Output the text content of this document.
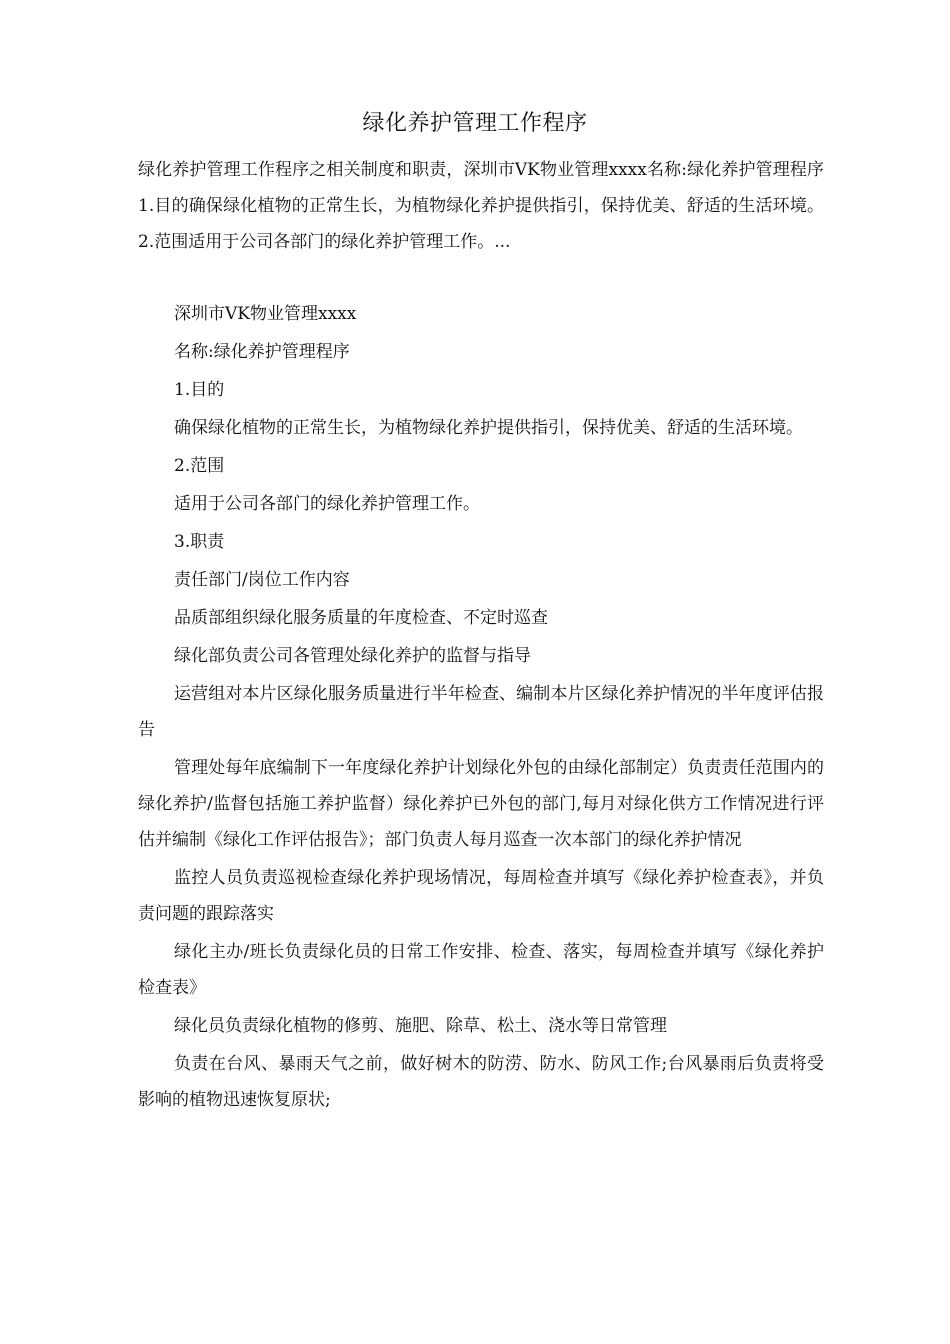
绿化养护管理工作程序
绿化养护管理工作程序之相关制度和职责，深圳市VK物业管理xxxx名称:绿化养护管理程序1.目的确保绿化植物的正常生长，为植物绿化养护提供指引，保持优美、舒适的生活环境。2.范围适用于公司各部门的绿化养护管理工作。...

深圳市VK物业管理xxxx

名称:绿化养护管理程序

1.目的

确保绿化植物的正常生长，为植物绿化养护提供指引，保持优美、舒适的生活环境。

2.范围

适用于公司各部门的绿化养护管理工作。

3.职责

责任部门/岗位工作内容

品质部组织绿化服务质量的年度检查、不定时巡查

绿化部负责公司各管理处绿化养护的监督与指导

运营组对本片区绿化服务质量进行半年检查、编制本片区绿化养护情况的半年度评估报告

管理处每年底编制下一年度绿化养护计划绿化外包的由绿化部制定）负责责任范围内的绿化养护/监督包括施工养护监督）绿化养护已外包的部门,每月对绿化供方工作情况进行评估并编制《绿化工作评估报告》；部门负责人每月巡查一次本部门的绿化养护情况

监控人员负责巡视检查绿化养护现场情况，每周检查并填写《绿化养护检查表》，并负责问题的跟踪落实

绿化主办/班长负责绿化员的日常工作安排、检查、落实，每周检查并填写《绿化养护检查表》

绿化员负责绿化植物的修剪、施肥、除草、松土、浇水等日常管理

负责在台风、暴雨天气之前，做好树木的防涝、防水、防风工作;台风暴雨后负责将受影响的植物迅速恢复原状;
